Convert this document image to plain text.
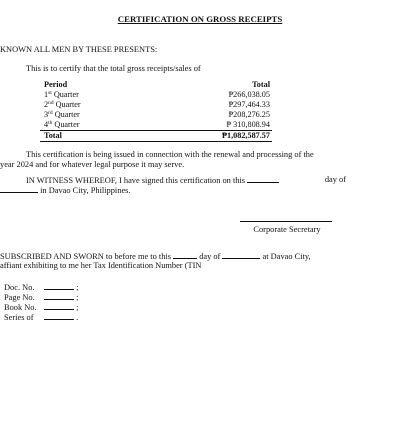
CERTIFICATION ON GROSS RECEIPTS
KNOWN ALL MEN BY THESE PRESENTS:
This is to certify that the total gross receipts/sales of
Period	Total
1st Quarter	₱266,038.05
2nd Quarter	₱297,464.33
3rd Quarter	₱208,276.25
4th Quarter	₱ 310,808.94
Total	₱1,082,587.57
This certification is being issued in connection with the renewal and processing of the
year 2024 and for whatever legal purpose it may serve.
IN WITNESS WHEREOF, I have signed this certification on this	day of
in Davao City, Philippines.
Corporate Secretary
SUBSCRIBED AND SWORN to before me to this	day of	at Davao City,
affiant exhibiting to me her Tax Identification Number (TIN
Doc. No.	;
Page No.	;
Book No.	;
Series of	.
